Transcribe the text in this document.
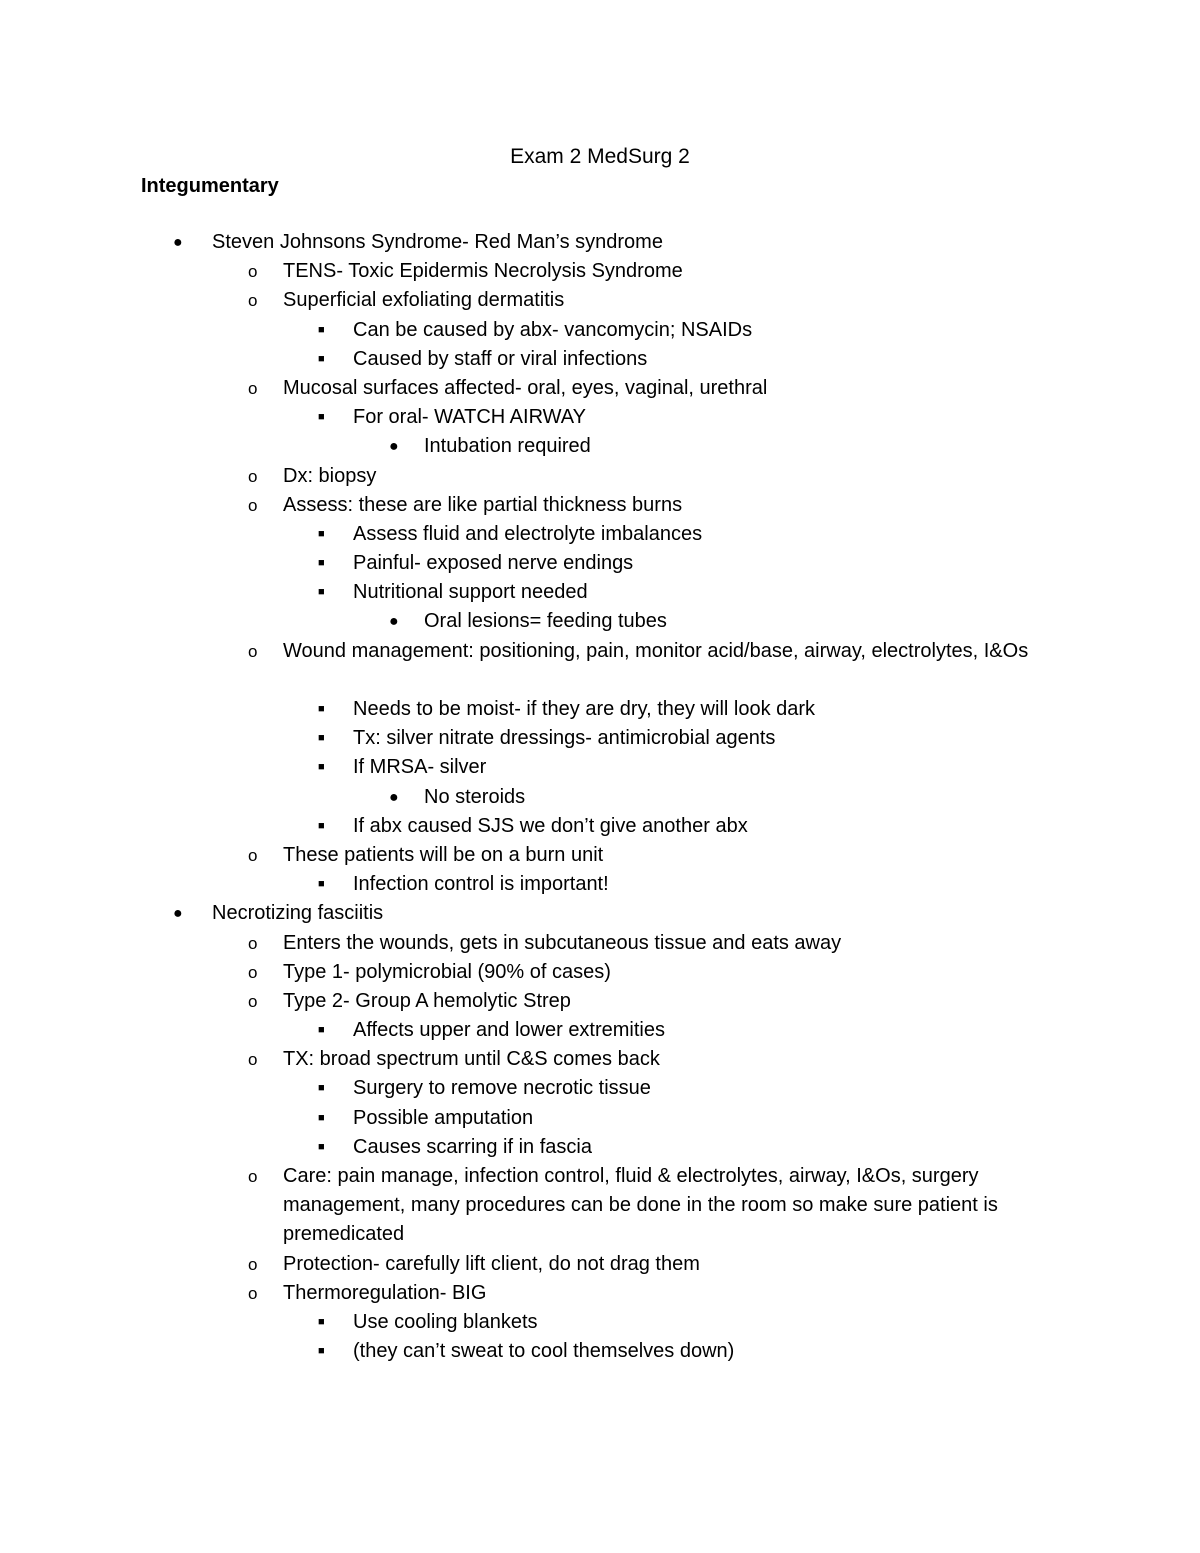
Exam 2 MedSurg 2
Integumentary
● Steven Johnsons Syndrome- Red Man’s syndrome
o TENS- Toxic Epidermis Necrolysis Syndrome
o Superficial exfoliating dermatitis
■ Can be caused by abx- vancomycin; NSAIDs
■ Caused by staff or viral infections
o Mucosal surfaces affected- oral, eyes, vaginal, urethral
■ For oral- WATCH AIRWAY
● Intubation required
o Dx: biopsy
o Assess: these are like partial thickness burns
■ Assess fluid and electrolyte imbalances
■ Painful- exposed nerve endings
■ Nutritional support needed
● Oral lesions= feeding tubes
o Wound management: positioning, pain, monitor acid/base, airway, electrolytes, I&Os
■ Needs to be moist- if they are dry, they will look dark
■ Tx: silver nitrate dressings- antimicrobial agents
■ If MRSA- silver
● No steroids
■ If abx caused SJS we don’t give another abx
o These patients will be on a burn unit
■ Infection control is important!
● Necrotizing fasciitis
o Enters the wounds, gets in subcutaneous tissue and eats away
o Type 1- polymicrobial (90% of cases)
o Type 2- Group A hemolytic Strep
■ Affects upper and lower extremities
o TX: broad spectrum until C&S comes back
■ Surgery to remove necrotic tissue
■ Possible amputation
■ Causes scarring if in fascia
o Care: pain manage, infection control, fluid & electrolytes, airway, I&Os, surgery management, many procedures can be done in the room so make sure patient is premedicated
o Protection- carefully lift client, do not drag them
o Thermoregulation- BIG
■ Use cooling blankets
■ (they can’t sweat to cool themselves down)
